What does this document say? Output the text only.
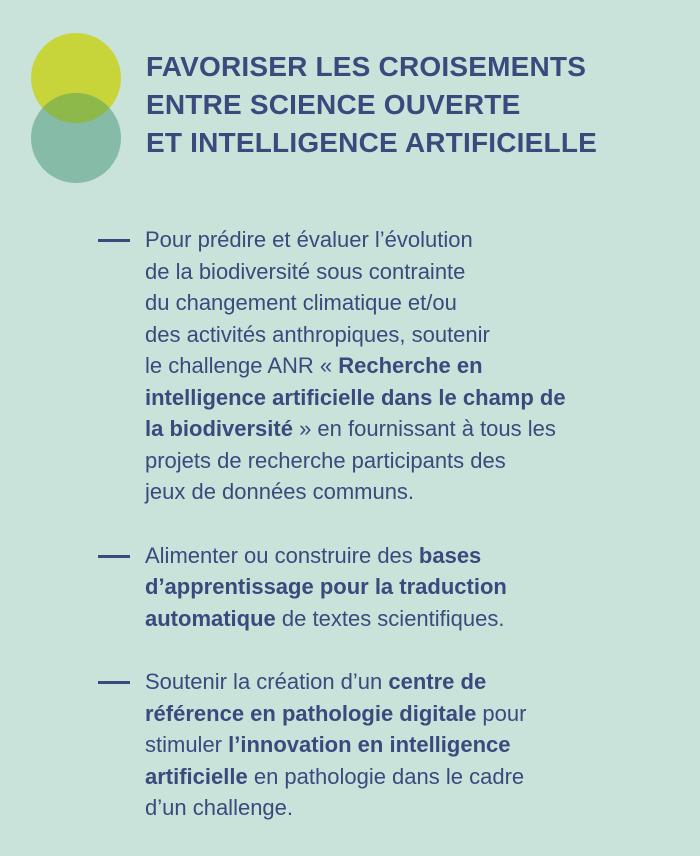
FAVORISER LES CROISEMENTS
ENTRE SCIENCE OUVERTE
ET INTELLIGENCE ARTIFICIELLE
Pour prédire et évaluer l’évolution
de la biodiversité sous contrainte
du changement climatique et/ou
des activités anthropiques, soutenir
le challenge ANR « Recherche en
intelligence artificielle dans le champ de
la biodiversité » en fournissant à tous les
projets de recherche participants des
jeux de données communs.
Alimenter ou construire des bases
d’apprentissage pour la traduction
automatique de textes scientifiques.
Soutenir la création d’un centre de
référence en pathologie digitale pour
stimuler l’innovation en intelligence
artificielle en pathologie dans le cadre
d’un challenge.
